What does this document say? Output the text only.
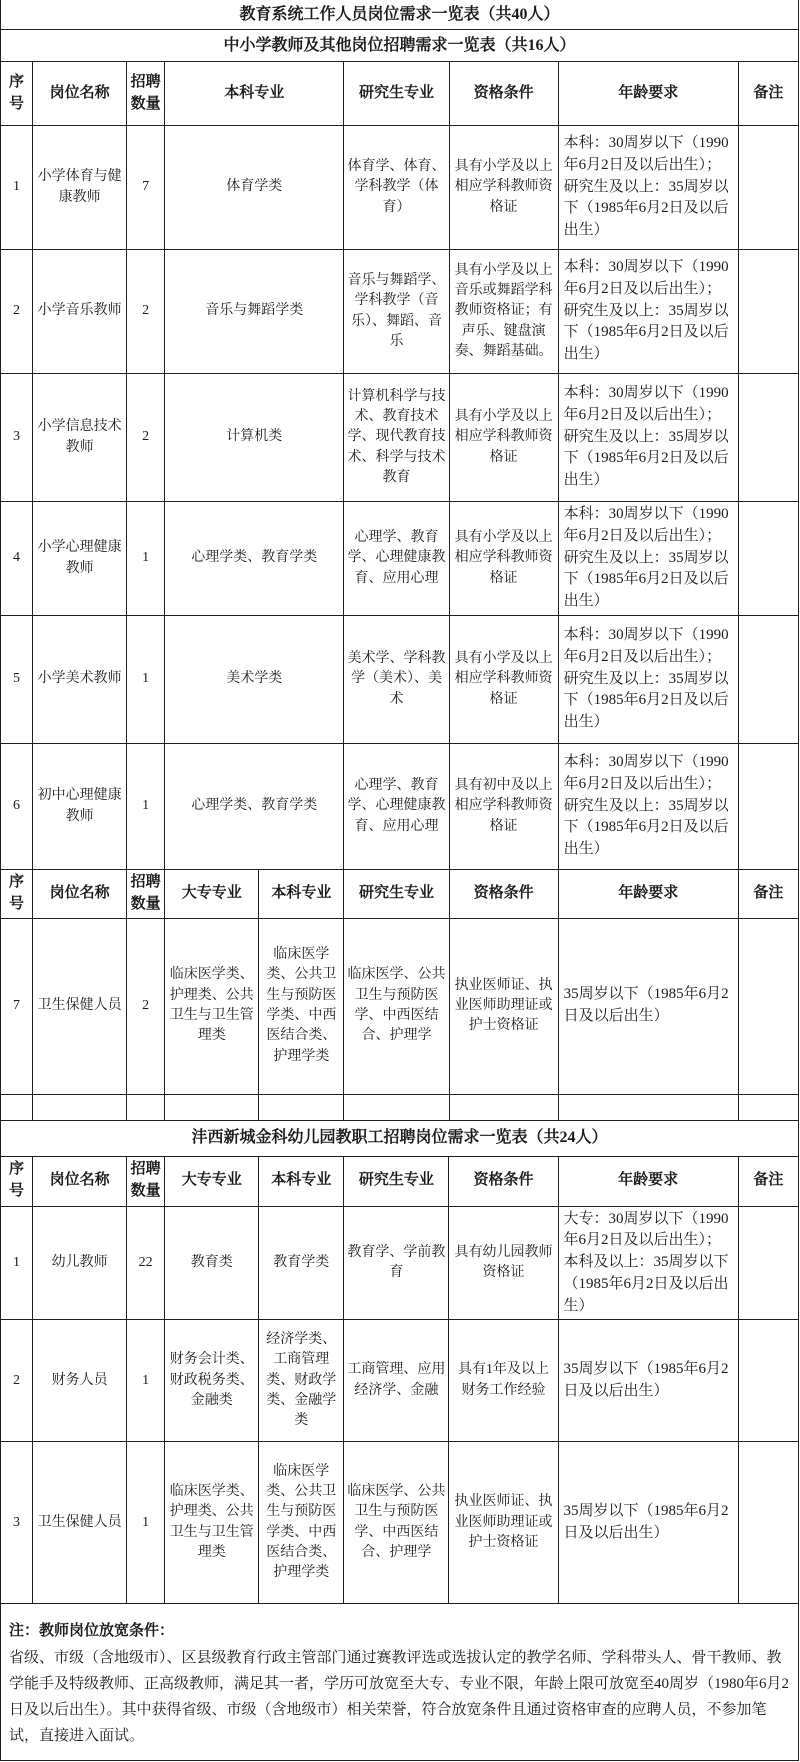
教育系统工作人员岗位需求一览表（共40人）							
中小学教师及其他岗位招聘需求一览表（共16人）							
序号	岗位名称	招聘数量	本科专业	研究生专业	资格条件	年龄要求	备注
1	小学体育与健康教师	7	体育学类	体育学、体育、学科教学（体育）	具有小学及以上相应学科教师资格证	本科：30周岁以下（1990年6月2日及以后出生）；研究生及以上：35周岁以下（1985年6月2日及以后出生）	
2	小学音乐教师	2	音乐与舞蹈学类	音乐与舞蹈学、学科教学（音乐）、舞蹈、音乐	具有小学及以上音乐或舞蹈学科教师资格证；有声乐、键盘演奏、舞蹈基础。	本科：30周岁以下（1990年6月2日及以后出生）；研究生及以上：35周岁以下（1985年6月2日及以后出生）	
3	小学信息技术教师	2	计算机类	计算机科学与技术、教育技术学、现代教育技术、科学与技术教育	具有小学及以上相应学科教师资格证	本科：30周岁以下（1990年6月2日及以后出生）；研究生及以上：35周岁以下（1985年6月2日及以后出生）	
4	小学心理健康教师	1	心理学类、教育学类	心理学、教育学、心理健康教育、应用心理	具有小学及以上相应学科教师资格证	本科：30周岁以下（1990年6月2日及以后出生）；研究生及以上：35周岁以下（1985年6月2日及以后出生）	
5	小学美术教师	1	美术学类	美术学、学科教学（美术）、美术	具有小学及以上相应学科教师资格证	本科：30周岁以下（1990年6月2日及以后出生）；研究生及以上：35周岁以下（1985年6月2日及以后出生）	
6	初中心理健康教师	1	心理学类、教育学类	心理学、教育学、心理健康教育、应用心理	具有初中及以上相应学科教师资格证	本科：30周岁以下（1990年6月2日及以后出生）；研究生及以上：35周岁以下（1985年6月2日及以后出生）	
序号	岗位名称	招聘数量	大专专业	本科专业	研究生专业	资格条件	年龄要求	备注
7	卫生保健人员	2	临床医学类、护理类、公共卫生与卫生管理类	临床医学类、公共卫生与预防医学类、中西医结合类、护理学类	临床医学、公共卫生与预防医学、中西医结合、护理学	执业医师证、执业医师助理证或护士资格证	35周岁以下（1985年6月2日及以后出生）	

沣西新城金科幼儿园教职工招聘岗位需求一览表（共24人）								
序号	岗位名称	招聘数量	大专专业	本科专业	研究生专业	资格条件	年龄要求	备注
1	幼儿教师	22	教育类	教育学类	教育学、学前教育	具有幼儿园教师资格证	大专：30周岁以下（1990年6月2日及以后出生）；本科及以上：35周岁以下（1985年6月2日及以后出生）	
2	财务人员	1	财务会计类、财政税务类、金融类	经济学类、工商管理类、财政学类、金融学类	工商管理、应用经济学、金融	具有1年及以上财务工作经验	35周岁以下（1985年6月2日及以后出生）	
3	卫生保健人员	1	临床医学类、护理类、公共卫生与卫生管理类	临床医学类、公共卫生与预防医学类、中西医结合类、护理学类	临床医学、公共卫生与预防医学、中西医结合、护理学	执业医师证、执业医师助理证或护士资格证	35周岁以下（1985年6月2日及以后出生）	
注：教师岗位放宽条件：
省级、市级（含地级市）、区县级教育行政主管部门通过赛教评选或选拔认定的教学名师、学科带头人、骨干教师、教学能手及特级教师、正高级教师，满足其一者，学历可放宽至大专、专业不限，年龄上限可放宽至40周岁（1980年6月2日及以后出生）。其中获得省级、市级（含地级市）相关荣誉，符合放宽条件且通过资格审查的应聘人员，不参加笔试，直接进入面试。
